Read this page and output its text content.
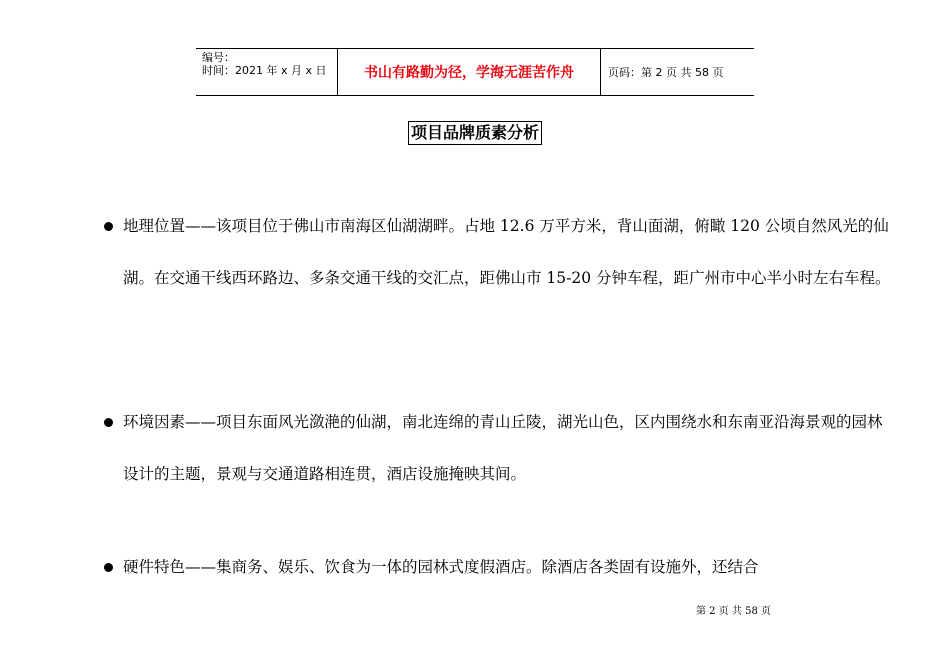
编号：
时间：2021 年 x 月 x 日	书山有路勤为径，学海无涯苦作舟	页码：第 2 页 共 58 页
项目品牌质素分析
地理位置——该项目位于佛山市南海区仙湖湖畔。占地 12.6 万平方米，背山面湖，俯瞰 120 公顷自然风光的仙湖。在交通干线西环路边、多条交通干线的交汇点，距佛山市 15-20 分钟车程，距广州市中心半小时左右车程。
环境因素——项目东面风光潋滟的仙湖，南北连绵的青山丘陵，湖光山色，区内围绕水和东南亚沿海景观的园林设计的主题，景观与交通道路相连贯，酒店设施掩映其间。
硬件特色——集商务、娱乐、饮食为一体的园林式度假酒店。除酒店各类固有设施外，还结合
第 2 页 共 58 页
